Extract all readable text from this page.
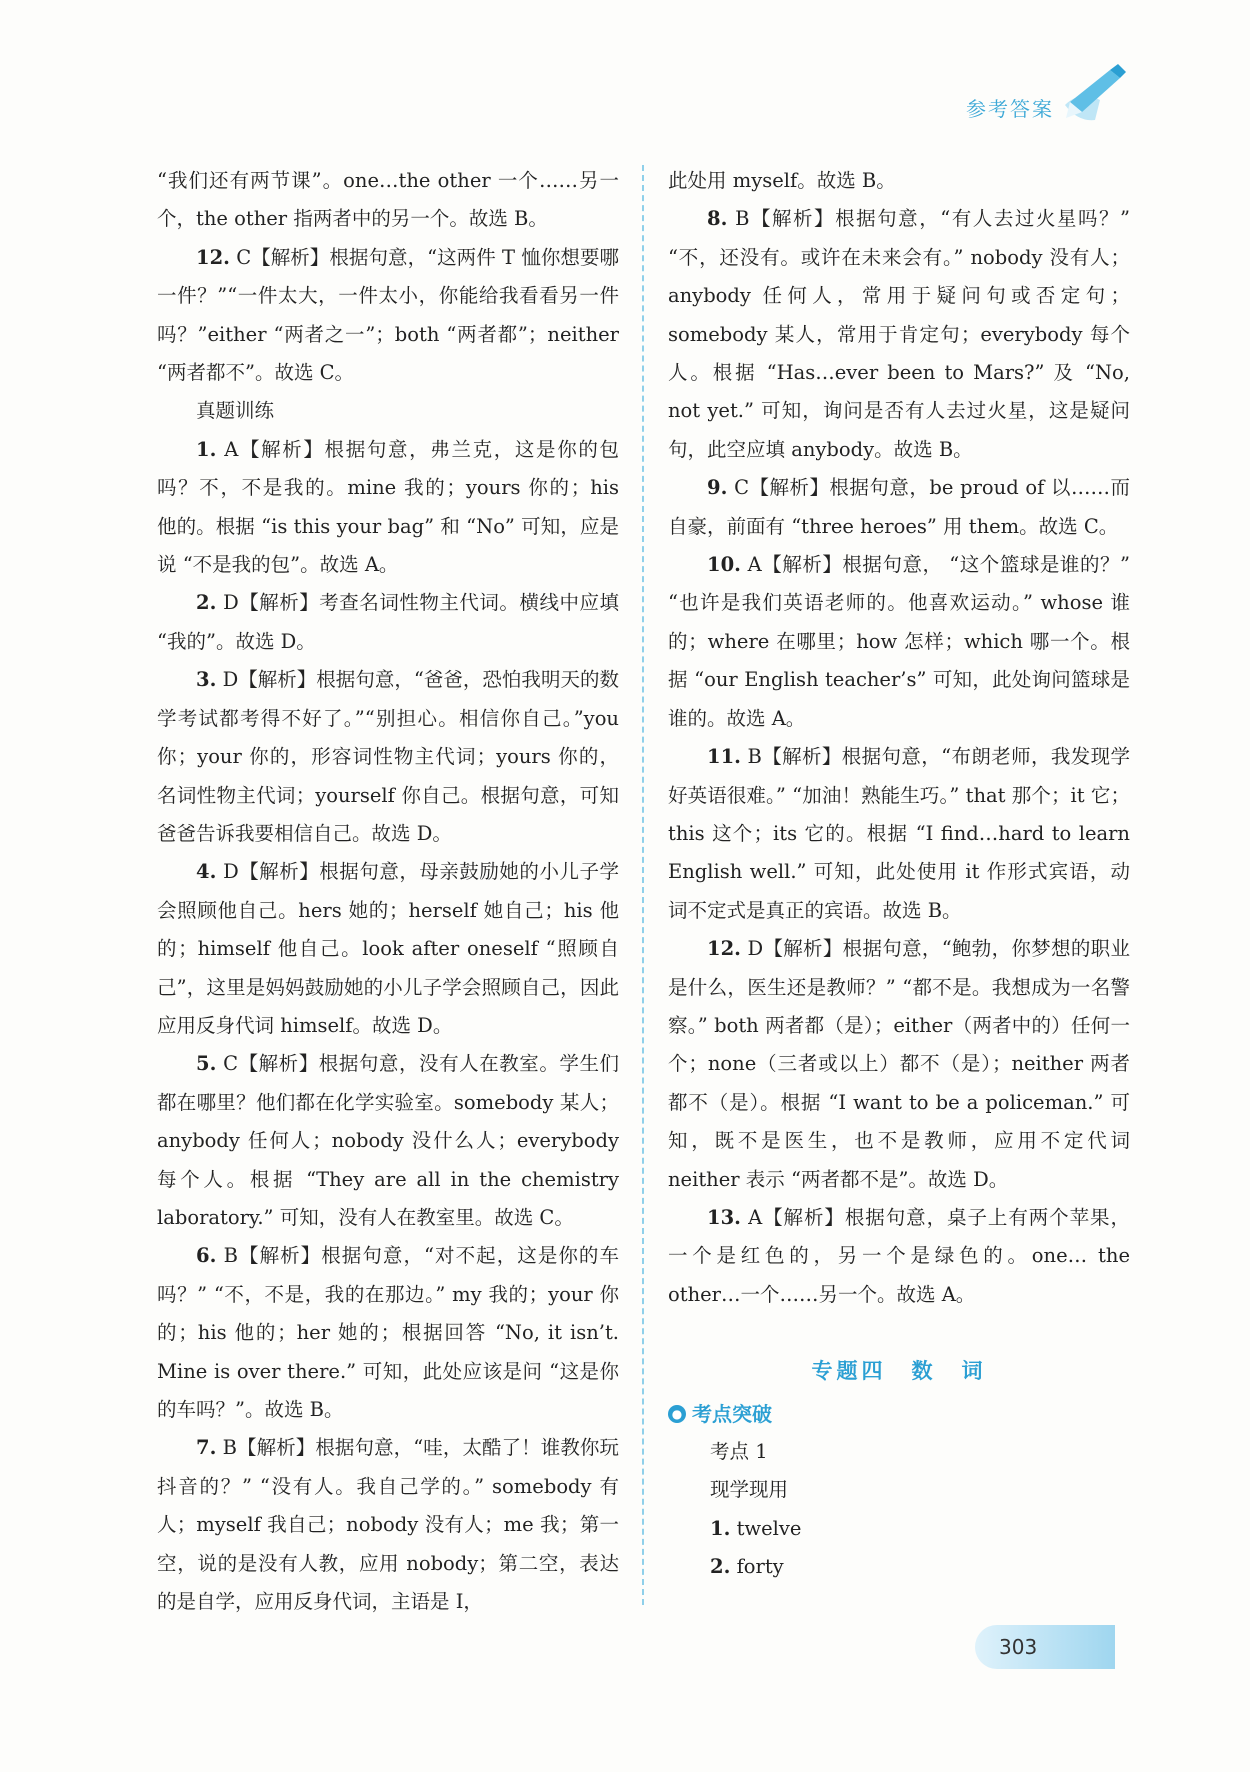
参考答案

“我们还有两节课”。one…the other 一个……另一个，the other 指两者中的另一个。故选 B。

12. C【解析】根据句意，“这两件 T 恤你想要哪一件？”“一件太大，一件太小，你能给我看看另一件吗？”either “两者之一”；both “两者都”；neither “两者都不”。故选 C。

真题训练

1. A【解析】根据句意，弗兰克，这是你的包吗？不，不是我的。mine 我的；yours 你的；his 他的。根据 “is this your bag” 和 “No” 可知，应是说 “不是我的包”。故选 A。

2. D【解析】考查名词性物主代词。横线中应填 “我的”。故选 D。

3. D【解析】根据句意，“爸爸，恐怕我明天的数学考试都考得不好了。”“别担心。相信你自己。”you 你；your 你的，形容词性物主代词；yours 你的，名词性物主代词；yourself 你自己。根据句意，可知爸爸告诉我要相信自己。故选 D。

4. D【解析】根据句意，母亲鼓励她的小儿子学会照顾他自己。hers 她的；herself 她自己；his 他的；himself 他自己。look after oneself “照顾自己”，这里是妈妈鼓励她的小儿子学会照顾自己，因此应用反身代词 himself。故选 D。

5. C【解析】根据句意，没有人在教室。学生们都在哪里？他们都在化学实验室。somebody 某人；anybody 任何人；nobody 没什么人；everybody 每个人。根据 “They are all in the chemistry laboratory.” 可知，没有人在教室里。故选 C。

6. B【解析】根据句意，“对不起，这是你的车吗？” “不，不是，我的在那边。” my 我的；your 你的；his 他的；her 她的；根据回答 “No, it isn’t. Mine is over there.” 可知，此处应该是问 “这是你的车吗？”。故选 B。

7. B【解析】根据句意，“哇，太酷了！谁教你玩抖音的？” “没有人。我自己学的。” somebody 有人；myself 我自己；nobody 没有人；me 我；第一空，说的是没有人教，应用 nobody；第二空，表达的是自学，应用反身代词，主语是 I，

此处用 myself。故选 B。

8. B【解析】根据句意，“有人去过火星吗？” “不，还没有。或许在未来会有。” nobody 没有人；anybody 任何人，常用于疑问句或否定句；somebody 某人，常用于肯定句；everybody 每个人。根据 “Has…ever been to Mars?” 及 “No, not yet.” 可知，询问是否有人去过火星，这是疑问句，此空应填 anybody。故选 B。

9. C【解析】根据句意，be proud of 以……而自豪，前面有 “three heroes” 用 them。故选 C。

10. A【解析】根据句意， “这个篮球是谁的？” “也许是我们英语老师的。他喜欢运动。” whose 谁的；where 在哪里；how 怎样；which 哪一个。根据 “our English teacher’s” 可知，此处询问篮球是谁的。故选 A。

11. B【解析】根据句意，“布朗老师，我发现学好英语很难。” “加油！熟能生巧。” that 那个；it 它；this 这个；its 它的。根据 “I find…hard to learn English well.” 可知，此处使用 it 作形式宾语，动词不定式是真正的宾语。故选 B。

12. D【解析】根据句意，“鲍勃，你梦想的职业是什么，医生还是教师？” “都不是。我想成为一名警察。” both 两者都（是）；either（两者中的）任何一个；none（三者或以上）都不（是）；neither 两者都不（是）。根据 “I want to be a policeman.” 可知，既不是医生，也不是教师，应用不定代词 neither 表示 “两者都不是”。故选 D。

13. A【解析】根据句意，桌子上有两个苹果，一个是红色的，另一个是绿色的。one… the other…一个……另一个。故选 A。

专题四　数　词
● 考点突破

考点 1

现学现用

1. twelve

2. forty

303
